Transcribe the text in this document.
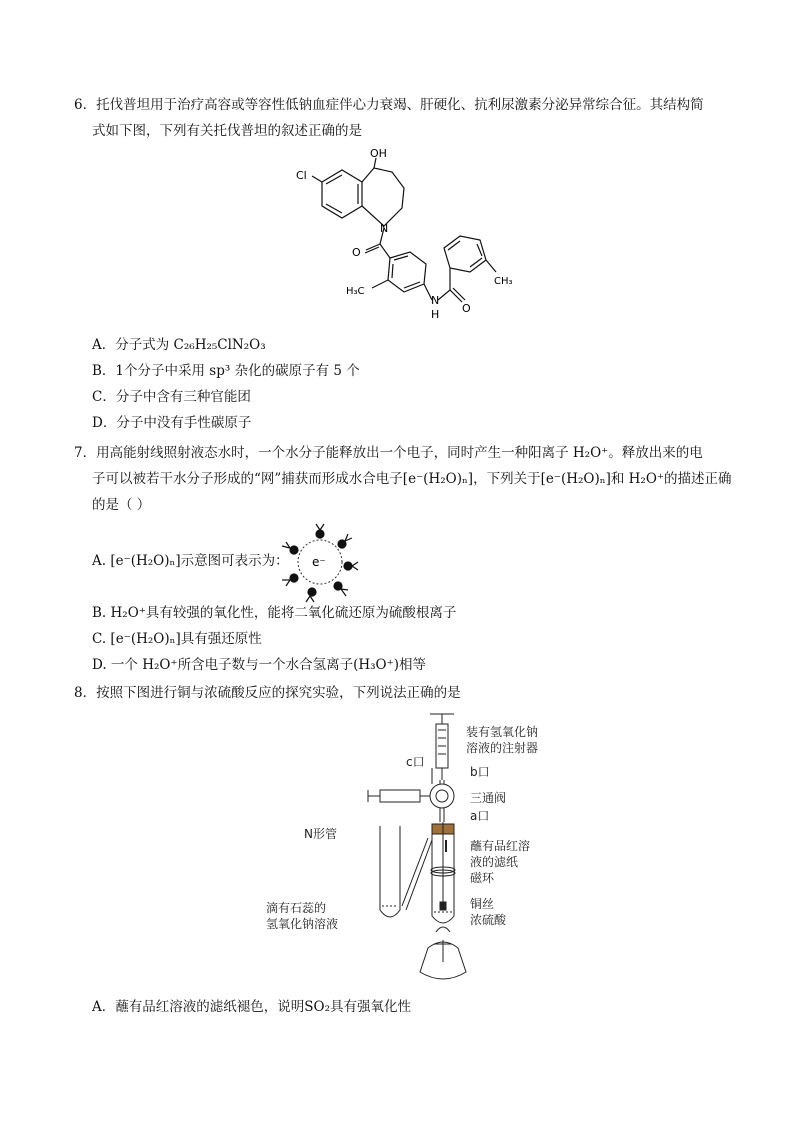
6．托伐普坦用于治疗高容或等容性低钠血症伴心力衰竭、肝硬化、抗利尿激素分泌异常综合征。其结构简
式如下图，下列有关托伐普坦的叙述正确的是
OH
Cl
N
O
H₃C
N
H O
CH₃
A．分子式为 C₂₆H₂₅ClN₂O₃
B．1个分子中采用 sp³ 杂化的碳原子有 5 个
C．分子中含有三种官能团
D．分子中没有手性碳原子
7．用高能射线照射液态水时，一个水分子能释放出一个电子，同时产生一种阳离子 H₂O⁺。释放出来的电
子可以被若干水分子形成的“网”捕获而形成水合电子[e⁻(H₂O)ₙ]，下列关于[e⁻(H₂O)ₙ]和 H₂O⁺的描述正确
的是（ ）
A. [e⁻(H₂O)ₙ]示意图可表示为： e⁻
B. H₂O⁺具有较强的氧化性，能将二氧化硫还原为硫酸根离子
C. [e⁻(H₂O)ₙ]具有强还原性
D. 一个 H₂O⁺所含电子数与一个水合氢离子(H₃O⁺)相等
8．按照下图进行铜与浓硫酸反应的探究实验，下列说法正确的是
装有氢氧化钠
溶液的注射器
c口
b口
三通阀
a口
N形管
蘸有品红溶
液的滤纸
磁环
铜丝
浓硫酸
滴有石蕊的
氢氧化钠溶液
A．蘸有品红溶液的滤纸褪色，说明SO₂具有强氧化性
